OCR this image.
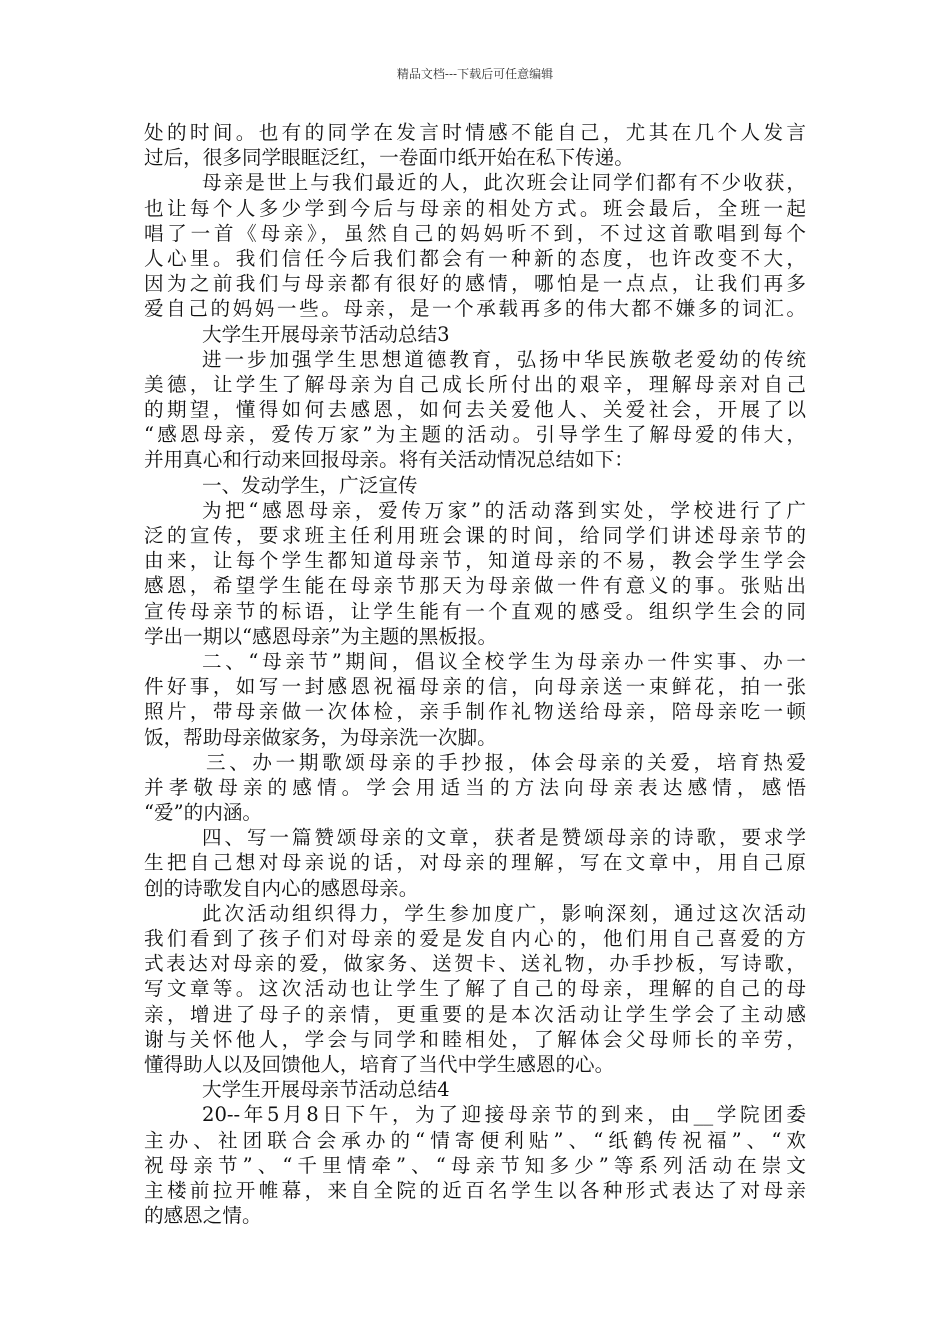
精品文档---下载后可任意编辑
处的时间。也有的同学在发言时情感不能自己，尤其在几个人发言
过后，很多同学眼眶泛红，一卷面巾纸开始在私下传递。
母亲是世上与我们最近的人，此次班会让同学们都有不少收获，
也让每个人多少学到今后与母亲的相处方式。班会最后，全班一起
唱了一首《母亲》，虽然自己的妈妈听不到，不过这首歌唱到每个
人心里。我们信任今后我们都会有一种新的态度，也许改变不大，
因为之前我们与母亲都有很好的感情，哪怕是一点点，让我们再多
爱自己的妈妈一些。母亲，是一个承载再多的伟大都不嫌多的词汇。
大学生开展母亲节活动总结3
进一步加强学生思想道德教育，弘扬中华民族敬老爱幼的传统
美德，让学生了解母亲为自己成长所付出的艰辛，理解母亲对自己
的期望，懂得如何去感恩，如何去关爱他人、关爱社会，开展了以
“感恩母亲，爱传万家”为主题的活动。引导学生了解母爱的伟大，
并用真心和行动来回报母亲。将有关活动情况总结如下：
一、发动学生，广泛宣传
为把“感恩母亲，爱传万家”的活动落到实处，学校进行了广
泛的宣传，要求班主任利用班会课的时间，给同学们讲述母亲节的
由来，让每个学生都知道母亲节，知道母亲的不易，教会学生学会
感恩，希望学生能在母亲节那天为母亲做一件有意义的事。张贴出
宣传母亲节的标语，让学生能有一个直观的感受。组织学生会的同
学出一期以“感恩母亲”为主题的黑板报。
二、“母亲节”期间，倡议全校学生为母亲办一件实事、办一
件好事，如写一封感恩祝福母亲的信，向母亲送一束鲜花，拍一张
照片，带母亲做一次体检，亲手制作礼物送给母亲，陪母亲吃一顿
饭，帮助母亲做家务，为母亲洗一次脚。
三、办一期歌颂母亲的手抄报，体会母亲的关爱，培育热爱
并孝敬母亲的感情。学会用适当的方法向母亲表达感情，感悟
“爱”的内涵。
四、写一篇赞颂母亲的文章，获者是赞颂母亲的诗歌，要求学
生把自己想对母亲说的话，对母亲的理解，写在文章中，用自己原
创的诗歌发自内心的感恩母亲。
此次活动组织得力，学生参加度广，影响深刻，通过这次活动
我们看到了孩子们对母亲的爱是发自内心的，他们用自己喜爱的方
式表达对母亲的爱，做家务、送贺卡、送礼物，办手抄板，写诗歌，
写文章等。这次活动也让学生了解了自己的母亲，理解的自己的母
亲，增进了母子的亲情，更重要的是本次活动让学生学会了主动感
谢与关怀他人，学会与同学和睦相处，了解体会父母师长的辛劳，
懂得助人以及回馈他人，培育了当代中学生感恩的心。
大学生开展母亲节活动总结4
20--年5月8日下午，为了迎接母亲节的到来，由__学院团委
主办、社团联合会承办的“情寄便利贴”、“纸鹤传祝福”、“欢
祝母亲节”、“千里情牵”、“母亲节知多少”等系列活动在崇文
主楼前拉开帷幕，来自全院的近百名学生以各种形式表达了对母亲
的感恩之情。
